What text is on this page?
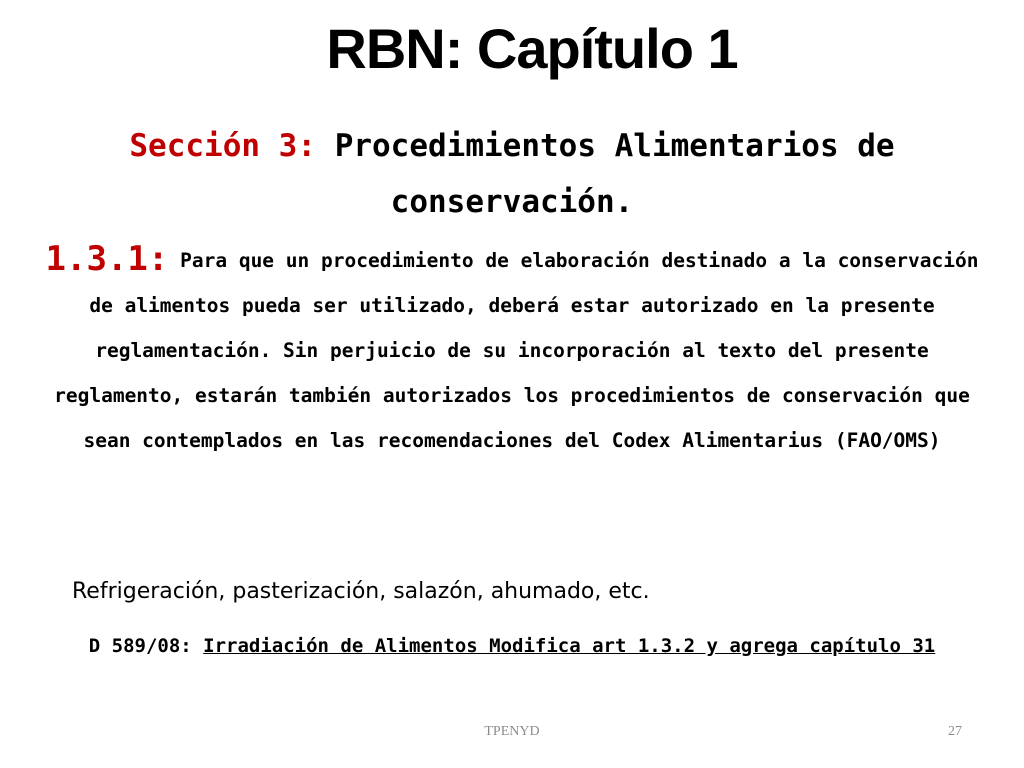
RBN: Capítulo 1
Sección 3: Procedimientos Alimentarios de conservación.
1.3.1: Para que un procedimiento de elaboración destinado a la conservación de alimentos pueda ser utilizado, deberá estar autorizado en la presente reglamentación. Sin perjuicio de su incorporación al texto del presente reglamento, estarán también autorizados los procedimientos de conservación que sean contemplados en las recomendaciones del Codex Alimentarius (FAO/OMS)
Refrigeración, pasterización, salazón, ahumado, etc.
D 589/08: Irradiación de Alimentos Modifica art 1.3.2 y agrega capítulo 31
TPENYD	27
